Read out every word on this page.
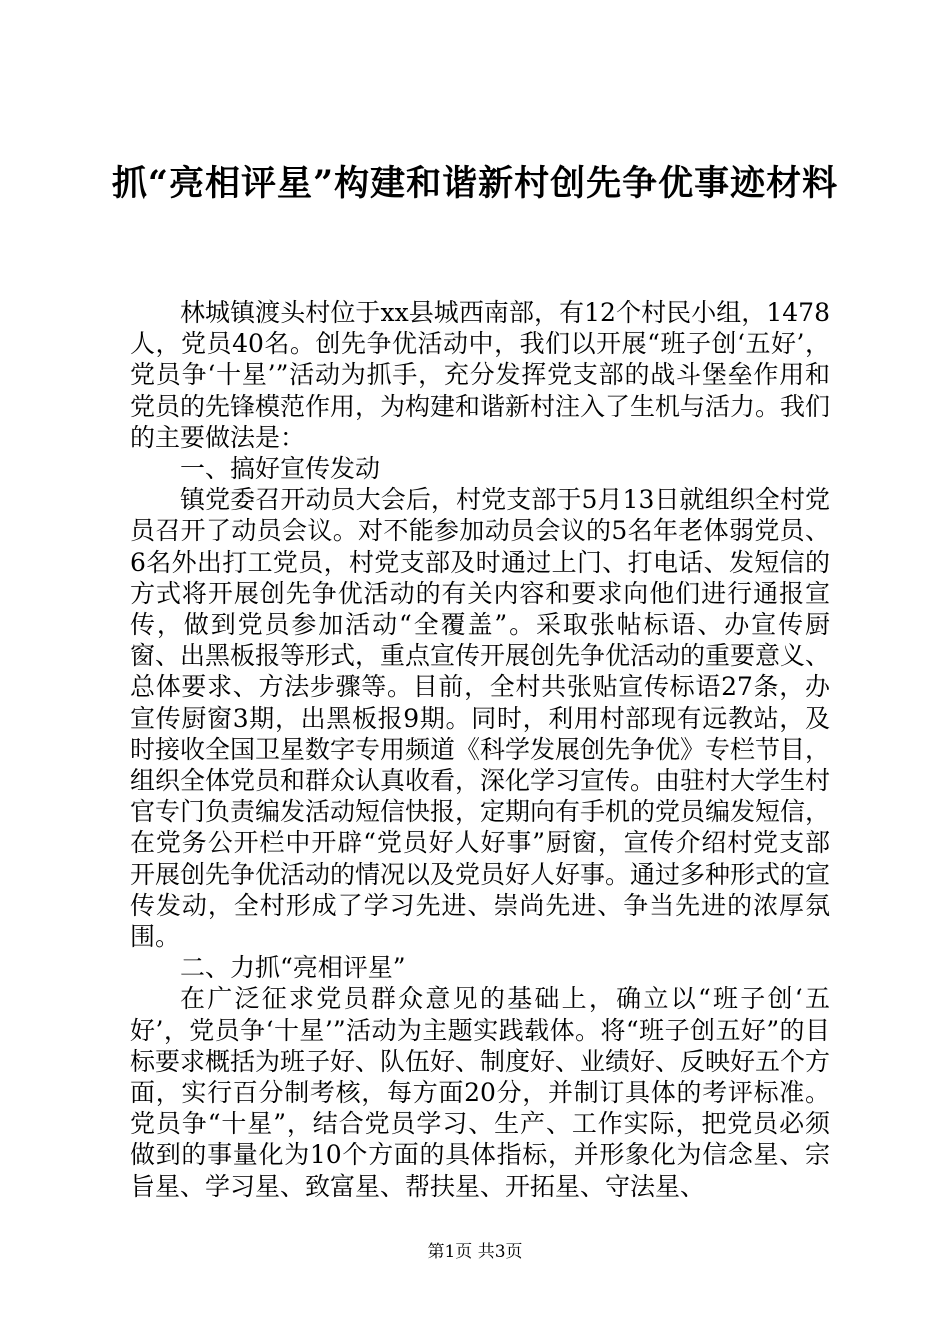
抓“亮相评星”构建和谐新村创先争优事迹材料

林城镇渡头村位于xx县城西南部，有12个村民小组，1478人，党员40名。创先争优活动中，我们以开展“班子创‘五好’，党员争‘十星’”活动为抓手，充分发挥党支部的战斗堡垒作用和党员的先锋模范作用，为构建和谐新村注入了生机与活力。我们的主要做法是：

一、搞好宣传发动

镇党委召开动员大会后，村党支部于5月13日就组织全村党员召开了动员会议。对不能参加动员会议的5名年老体弱党员、6名外出打工党员，村党支部及时通过上门、打电话、发短信的方式将开展创先争优活动的有关内容和要求向他们进行通报宣传，做到党员参加活动“全覆盖”。采取张帖标语、办宣传厨窗、出黑板报等形式，重点宣传开展创先争优活动的重要意义、总体要求、方法步骤等。目前，全村共张贴宣传标语27条，办宣传厨窗3期，出黑板报9期。同时，利用村部现有远教站，及时接收全国卫星数字专用频道《科学发展创先争优》专栏节目，组织全体党员和群众认真收看，深化学习宣传。由驻村大学生村官专门负责编发活动短信快报，定期向有手机的党员编发短信，在党务公开栏中开辟“党员好人好事”厨窗，宣传介绍村党支部开展创先争优活动的情况以及党员好人好事。通过多种形式的宣传发动，全村形成了学习先进、崇尚先进、争当先进的浓厚氛围。

二、力抓“亮相评星”

在广泛征求党员群众意见的基础上，确立以“班子创‘五好’，党员争‘十星’”活动为主题实践载体。将“班子创五好”的目标要求概括为班子好、队伍好、制度好、业绩好、反映好五个方面，实行百分制考核，每方面20分，并制订具体的考评标准。党员争“十星”，结合党员学习、生产、工作实际，把党员必须做到的事量化为10个方面的具体指标，并形象化为信念星、宗旨星、学习星、致富星、帮扶星、开拓星、守法星、

第1页 共3页
